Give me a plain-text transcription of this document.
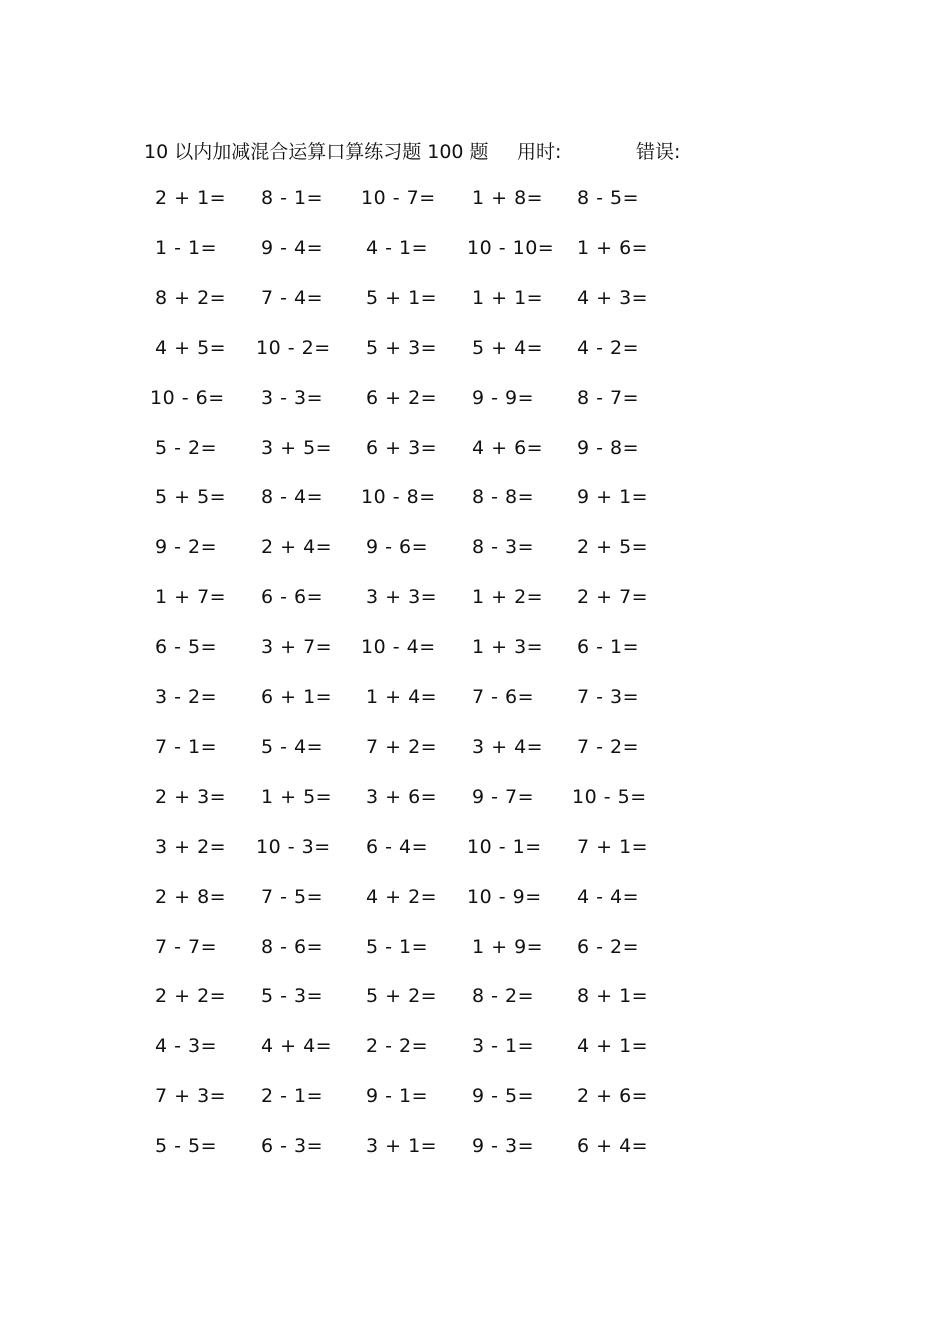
10 以内加减混合运算口算练习题 100 题 用时:	错误:
2 + 1= 8 - 1= 10 - 7= 1 + 8= 8 - 5=
1 - 1= 9 - 4= 4 - 1= 10 - 10= 1 + 6=
8 + 2= 7 - 4= 5 + 1= 1 + 1= 4 + 3=
4 + 5= 10 - 2= 5 + 3= 5 + 4= 4 - 2=
10 - 6= 3 - 3= 6 + 2= 9 - 9= 8 - 7=
5 - 2= 3 + 5= 6 + 3= 4 + 6= 9 - 8=
5 + 5= 8 - 4= 10 - 8= 8 - 8= 9 + 1=
9 - 2= 2 + 4= 9 - 6= 8 - 3= 2 + 5=
1 + 7= 6 - 6= 3 + 3= 1 + 2= 2 + 7=
6 - 5= 3 + 7= 10 - 4= 1 + 3= 6 - 1=
3 - 2= 6 + 1= 1 + 4= 7 - 6= 7 - 3=
7 - 1= 5 - 4= 7 + 2= 3 + 4= 7 - 2=
2 + 3= 1 + 5= 3 + 6= 9 - 7= 10 - 5=
3 + 2= 10 - 3= 6 - 4= 10 - 1= 7 + 1=
2 + 8= 7 - 5= 4 + 2= 10 - 9= 4 - 4=
7 - 7= 8 - 6= 5 - 1= 1 + 9= 6 - 2=
2 + 2= 5 - 3= 5 + 2= 8 - 2= 8 + 1=
4 - 3= 4 + 4= 2 - 2= 3 - 1= 4 + 1=
7 + 3= 2 - 1= 9 - 1= 9 - 5= 2 + 6=
5 - 5= 6 - 3= 3 + 1= 9 - 3= 6 + 4=
